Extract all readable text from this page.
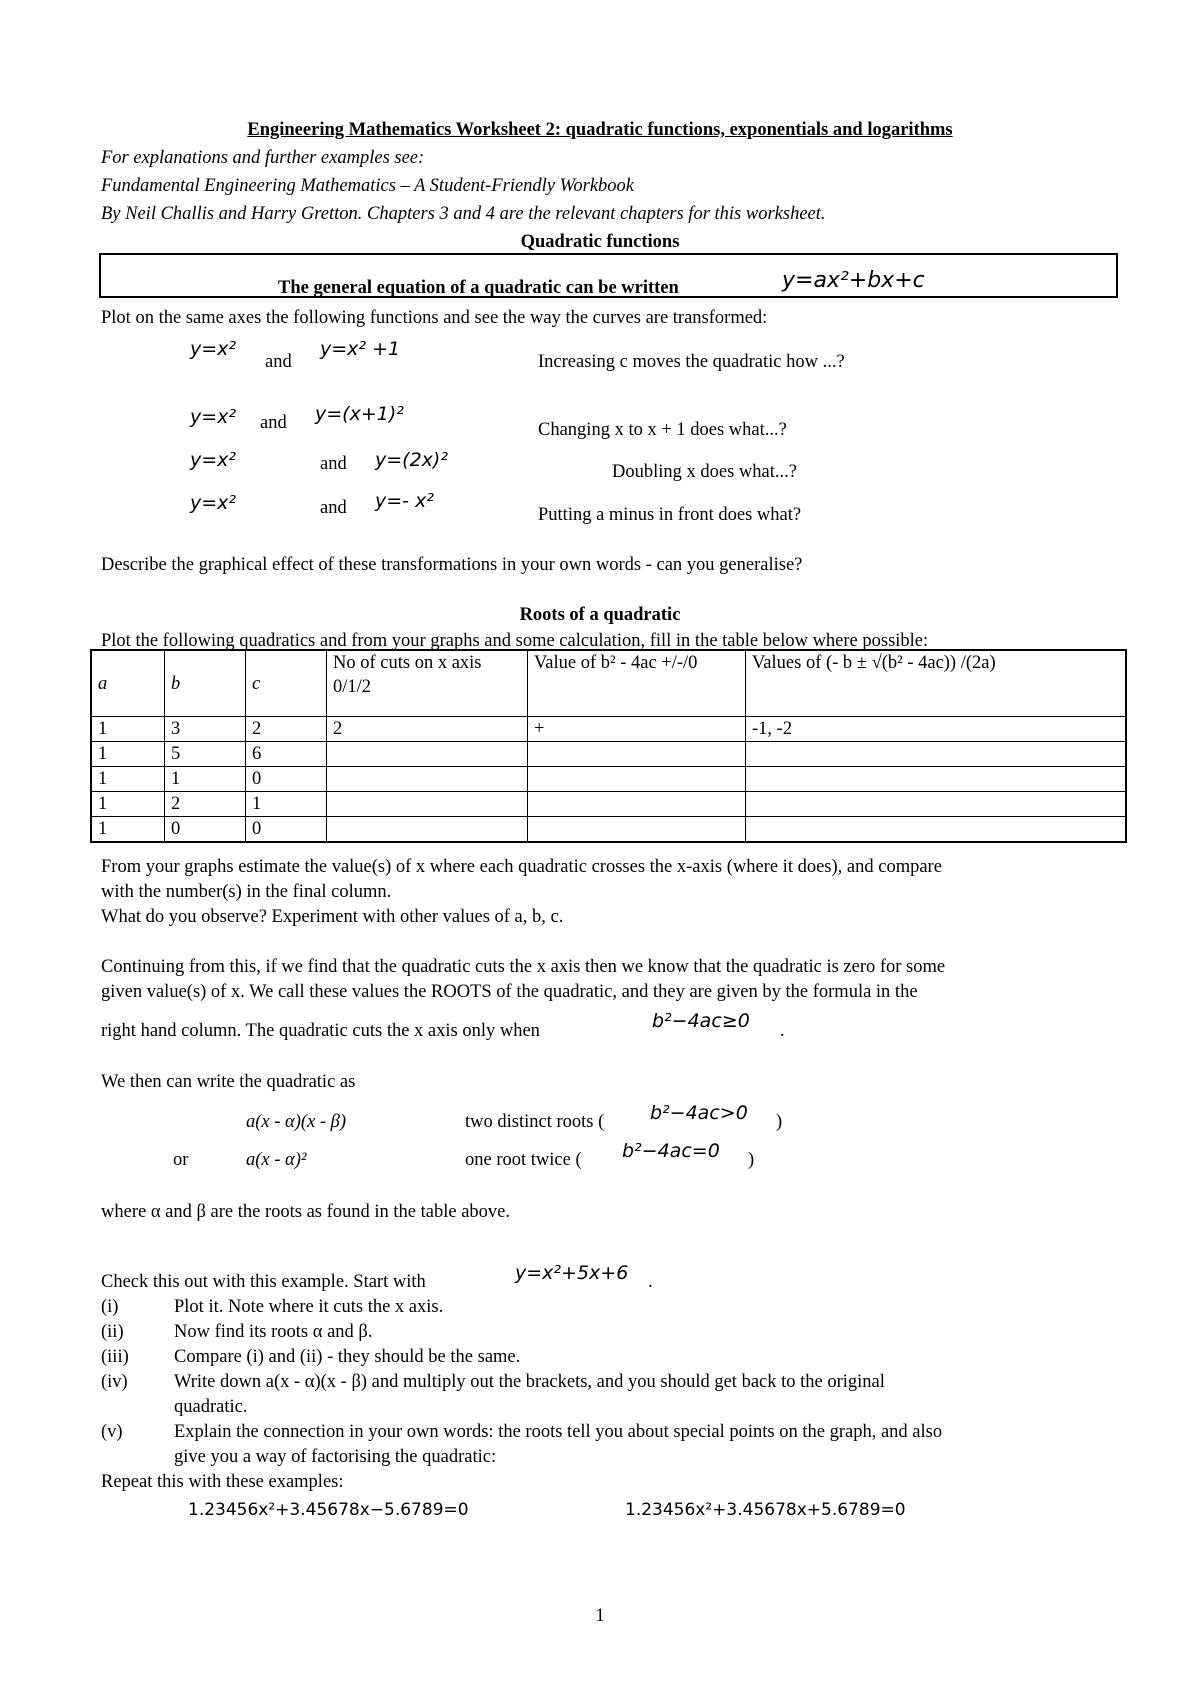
Engineering Mathematics Worksheet 2: quadratic functions, exponentials and logarithms
For explanations and further examples see:
Fundamental Engineering Mathematics – A Student-Friendly Workbook
By Neil Challis and Harry Gretton. Chapters 3 and 4 are the relevant chapters for this worksheet.
Quadratic functions
The general equation of a quadratic can be written	y=ax²+bx+c
Plot on the same axes the following functions and see the way the curves are transformed:
y=x²
and
y=x² +1
Increasing c moves the quadratic how ...?
y=x² and y=(x+1)²
Changing x to x + 1 does what...?
y=x²	and y=(2x)²
Doubling x does what...?
y=x²	and y=- x²
Putting a minus in front does what?
Describe the graphical effect of these transformations in your own words - can you generalise?
Roots of a quadratic
Plot the following quadratics and from your graphs and some calculation, fill in the table below where possible:
a	b	c	No of cuts on x axis 0/1/2	Value of b² - 4ac +/-/0	Values of (- b ± √(b² - 4ac)) /(2a)
1	3	2	2	+	-1, -2
1	5	6			
1	1	0			
1	2	1			
1	0	0			
From your graphs estimate the value(s) of x where each quadratic crosses the x-axis (where it does), and compare
with the number(s) in the final column.
What do you observe? Experiment with other values of a, b, c.
Continuing from this, if we find that the quadratic cuts the x axis then we know that the quadratic is zero for some
given value(s) of x. We call these values the ROOTS of the quadratic, and they are given by the formula in the
right hand column. The quadratic cuts the x axis only when	b²−4ac≥0 .
We then can write the quadratic as
a(x - α)(x - β)	two distinct roots ( b²−4ac>0 )
or	a(x - α)²	one root twice ( b²−4ac=0 )
where α and β are the roots as found in the table above.
Check this out with this example. Start with	y=x²+5x+6 .
(i)	Plot it. Note where it cuts the x axis.
(ii)	Now find its roots α and β.
(iii) Compare (i) and (ii) - they should be the same.
(iv)	Write down a(x - α)(x - β) and multiply out the brackets, and you should get back to the original
quadratic.
(v)	Explain the connection in your own words: the roots tell you about special points on the graph, and also
give you a way of factorising the quadratic:
Repeat this with these examples:
1.23456x²+3.45678x−5.6789=0	1.23456x²+3.45678x+5.6789=0
1
